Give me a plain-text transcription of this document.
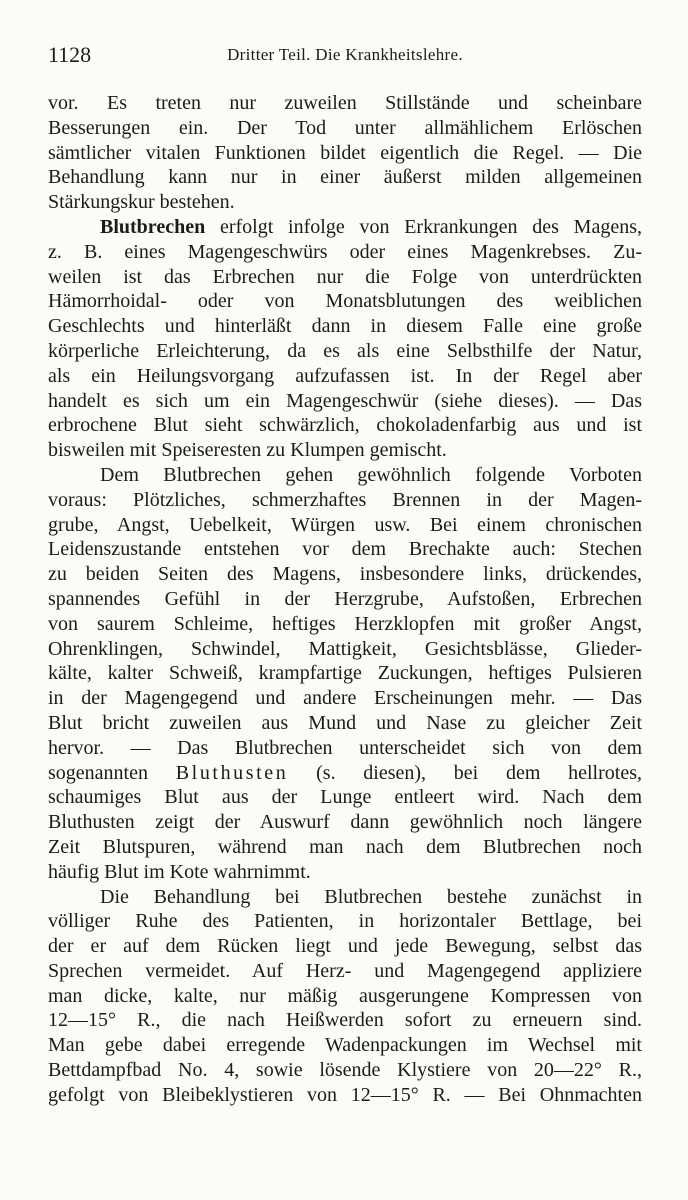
1128	Dritter Teil. Die Krankheitslehre.
vor. Es treten nur zuweilen Stillstände und scheinbare
Besserungen ein. Der Tod unter allmählichem Erlöschen
sämtlicher vitalen Funktionen bildet eigentlich die Regel. — Die
Behandlung kann nur in einer äußerst milden allgemeinen
Stärkungskur bestehen.
Blutbrechen erfolgt infolge von Erkrankungen des Magens,
z. B. eines Magengeschwürs oder eines Magenkrebses. Zu-
weilen ist das Erbrechen nur die Folge von unterdrückten
Hämorrhoidal- oder von Monatsblutungen des weiblichen
Geschlechts und hinterläßt dann in diesem Falle eine große
körperliche Erleichterung, da es als eine Selbsthilfe der Natur,
als ein Heilungsvorgang aufzufassen ist. In der Regel aber
handelt es sich um ein Magengeschwür (siehe dieses). — Das
erbrochene Blut sieht schwärzlich, chokoladenfarbig aus und ist
bisweilen mit Speiseresten zu Klumpen gemischt.
Dem Blutbrechen gehen gewöhnlich folgende Vorboten
voraus: Plötzliches, schmerzhaftes Brennen in der Magen-
grube, Angst, Uebelkeit, Würgen usw. Bei einem chronischen
Leidenszustande entstehen vor dem Brechakte auch: Stechen
zu beiden Seiten des Magens, insbesondere links, drückendes,
spannendes Gefühl in der Herzgrube, Aufstoßen, Erbrechen
von saurem Schleime, heftiges Herzklopfen mit großer Angst,
Ohrenklingen, Schwindel, Mattigkeit, Gesichtsblässe, Glieder-
kälte, kalter Schweiß, krampfartige Zuckungen, heftiges Pulsieren
in der Magengegend und andere Erscheinungen mehr. — Das
Blut bricht zuweilen aus Mund und Nase zu gleicher Zeit
hervor. — Das Blutbrechen unterscheidet sich von dem
sogenannten Bluthusten (s. diesen), bei dem hellrotes,
schaumiges Blut aus der Lunge entleert wird. Nach dem
Bluthusten zeigt der Auswurf dann gewöhnlich noch längere
Zeit Blutspuren, während man nach dem Blutbrechen noch
häufig Blut im Kote wahrnimmt.
Die Behandlung bei Blutbrechen bestehe zunächst in
völliger Ruhe des Patienten, in horizontaler Bettlage, bei
der er auf dem Rücken liegt und jede Bewegung, selbst das
Sprechen vermeidet. Auf Herz- und Magengegend appliziere
man dicke, kalte, nur mäßig ausgerungene Kompressen von
12—15° R., die nach Heißwerden sofort zu erneuern sind.
Man gebe dabei erregende Wadenpackungen im Wechsel mit
Bettdampfbad No. 4, sowie lösende Klystiere von 20—22° R.,
gefolgt von Bleibeklystieren von 12—15° R. — Bei Ohnmachten
